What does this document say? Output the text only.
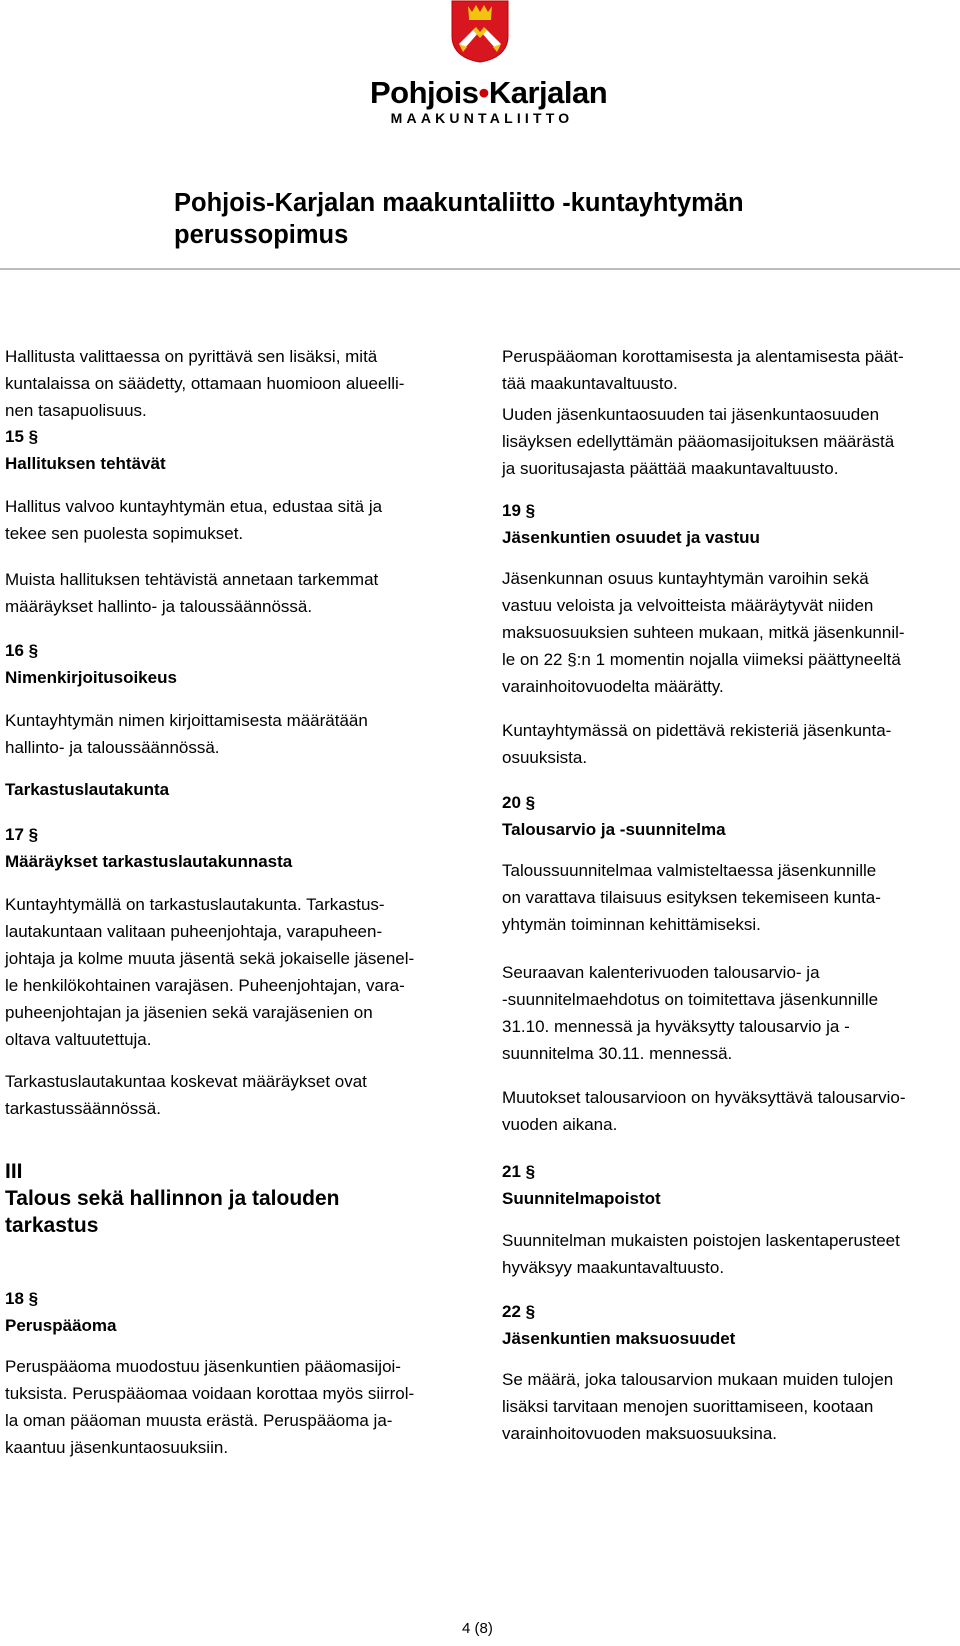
Pohjois•Karjalan
MAAKUNTALIITTO
Pohjois-Karjalan maakuntaliitto -kuntayhtymän
perussopimus

Hallitusta valittaessa on pyrittävä sen lisäksi, mitä

kuntalaissa on säädetty, ottamaan huomioon alueelli-

nen tasapuolisuus.

15 §

Hallituksen tehtävät

Hallitus valvoo kuntayhtymän etua, edustaa sitä ja

tekee sen puolesta sopimukset.

Muista hallituksen tehtävistä annetaan tarkemmat

määräykset hallinto- ja taloussäännössä.

16 §

Nimenkirjoitusoikeus

Kuntayhtymän nimen kirjoittamisesta määrätään

hallinto- ja taloussäännössä.

Tarkastuslautakunta

17 §

Määräykset tarkastuslautakunnasta

Kuntayhtymällä on tarkastuslautakunta. Tarkastus-

lautakuntaan valitaan puheenjohtaja, varapuheen-

johtaja ja kolme muuta jäsentä sekä jokaiselle jäsenel-

le henkilökohtainen varajäsen. Puheenjohtajan, vara-

puheenjohtajan ja jäsenien sekä varajäsenien on

oltava valtuutettuja.

Tarkastuslautakuntaa koskevat määräykset ovat

tarkastussäännössä.

III

Talous sekä hallinnon ja talouden

tarkastus

18 §

Peruspääoma

Peruspääoma muodostuu jäsenkuntien pääomasijoi-

tuksista. Peruspääomaa voidaan korottaa myös siirrol-

la oman pääoman muusta erästä. Peruspääoma ja-

kaantuu jäsenkuntaosuuksiin.

Peruspääoman korottamisesta ja alentamisesta päät-

tää maakuntavaltuusto.

Uuden jäsenkuntaosuuden tai jäsenkuntaosuuden

lisäyksen edellyttämän pääomasijoituksen määrästä

ja suoritusajasta päättää maakuntavaltuusto.

19 §

Jäsenkuntien osuudet ja vastuu

Jäsenkunnan osuus kuntayhtymän varoihin sekä

vastuu veloista ja velvoitteista määräytyvät niiden

maksuosuuksien suhteen mukaan, mitkä jäsenkunnil-

le on 22 §:n 1 momentin nojalla viimeksi päättyneeltä

varainhoitovuodelta määrätty.

Kuntayhtymässä on pidettävä rekisteriä jäsenkunta-

osuuksista.

20 §

Talousarvio ja -suunnitelma

Taloussuunnitelmaa valmisteltaessa jäsenkunnille

on varattava tilaisuus esityksen tekemiseen kunta-

yhtymän toiminnan kehittämiseksi.

Seuraavan kalenterivuoden talousarvio- ja

-suunnitelmaehdotus on toimitettava jäsenkunnille

31.10. mennessä ja hyväksytty talousarvio ja -

suunnitelma 30.11. mennessä.

Muutokset talousarvioon on hyväksyttävä talousarvio-

vuoden aikana.

21 §

Suunnitelmapoistot

Suunnitelman mukaisten poistojen laskentaperusteet

hyväksyy maakuntavaltuusto.

22 §

Jäsenkuntien maksuosuudet

Se määrä, joka talousarvion mukaan muiden tulojen

lisäksi tarvitaan menojen suorittamiseen, kootaan

varainhoitovuoden maksuosuuksina.

4 (8)
